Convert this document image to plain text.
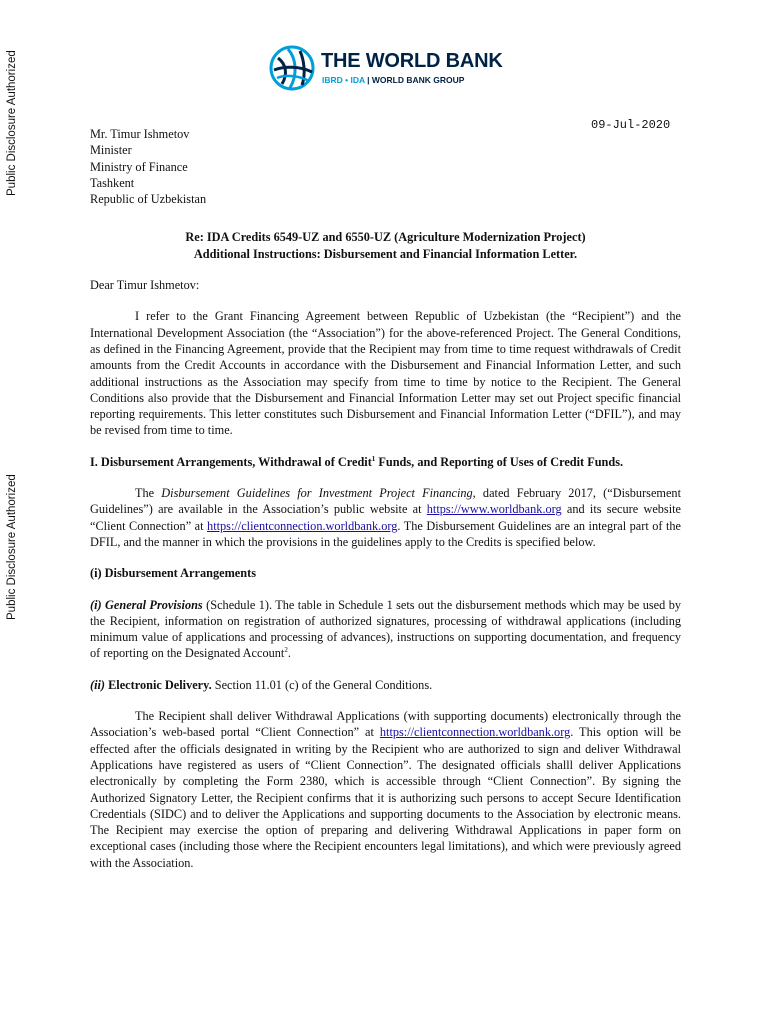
Public Disclosure Authorized
Public Disclosure Authorized
THE WORLD BANK
IBRD • IDA | WORLD BANK GROUP
09-Jul-2020
Mr. Timur Ishmetov
Minister
Ministry of Finance
Tashkent
Republic of Uzbekistan
Re: IDA Credits 6549-UZ and 6550-UZ (Agriculture Modernization Project)
Additional Instructions: Disbursement and Financial Information Letter.
Dear Timur Ishmetov:
I refer to the Grant Financing Agreement between Republic of Uzbekistan (the “Recipient”) and the International Development Association (the “Association”) for the above-referenced Project. The General Conditions, as defined in the Financing Agreement, provide that the Recipient may from time to time request withdrawals of Credit amounts from the Credit Accounts in accordance with the Disbursement and Financial Information Letter, and such additional instructions as the Association may specify from time to time by notice to the Recipient. The General Conditions also provide that the Disbursement and Financial Information Letter may set out Project specific financial reporting requirements. This letter constitutes such Disbursement and Financial Information Letter (“DFIL”), and may be revised from time to time.
I. Disbursement Arrangements, Withdrawal of Credit$^1$ Funds, and Reporting of Uses of Credit Funds.
The Disbursement Guidelines for Investment Project Financing, dated February 2017, (“Disbursement Guidelines”) are available in the Association’s public website at https://www.worldbank.org and its secure website “Client Connection” at https://clientconnection.worldbank.org. The Disbursement Guidelines are an integral part of the DFIL, and the manner in which the provisions in the guidelines apply to the Credits is specified below.
(i) Disbursement Arrangements
(i) General Provisions (Schedule 1). The table in Schedule 1 sets out the disbursement methods which may be used by the Recipient, information on registration of authorized signatures, processing of withdrawal applications (including minimum value of applications and processing of advances), instructions on supporting documentation, and frequency of reporting on the Designated Account$^2$.
(ii) Electronic Delivery. Section 11.01 (c) of the General Conditions.
The Recipient shall deliver Withdrawal Applications (with supporting documents) electronically through the Association’s web-based portal “Client Connection” at https://clientconnection.worldbank.org. This option will be effected after the officials designated in writing by the Recipient who are authorized to sign and deliver Withdrawal Applications have registered as users of “Client Connection”. The designated officials shalll deliver Applications electronically by completing the Form 2380, which is accessible through “Client Connection”. By signing the Authorized Signatory Letter, the Recipient confirms that it is authorizing such persons to accept Secure Identification Credentials (SIDC) and to deliver the Applications and supporting documents to the Association by electronic means. The Recipient may exercise the option of preparing and delivering Withdrawal Applications in paper form on exceptional cases (including those where the Recipient encounters legal limitations), and which were previously agreed with the Association.
